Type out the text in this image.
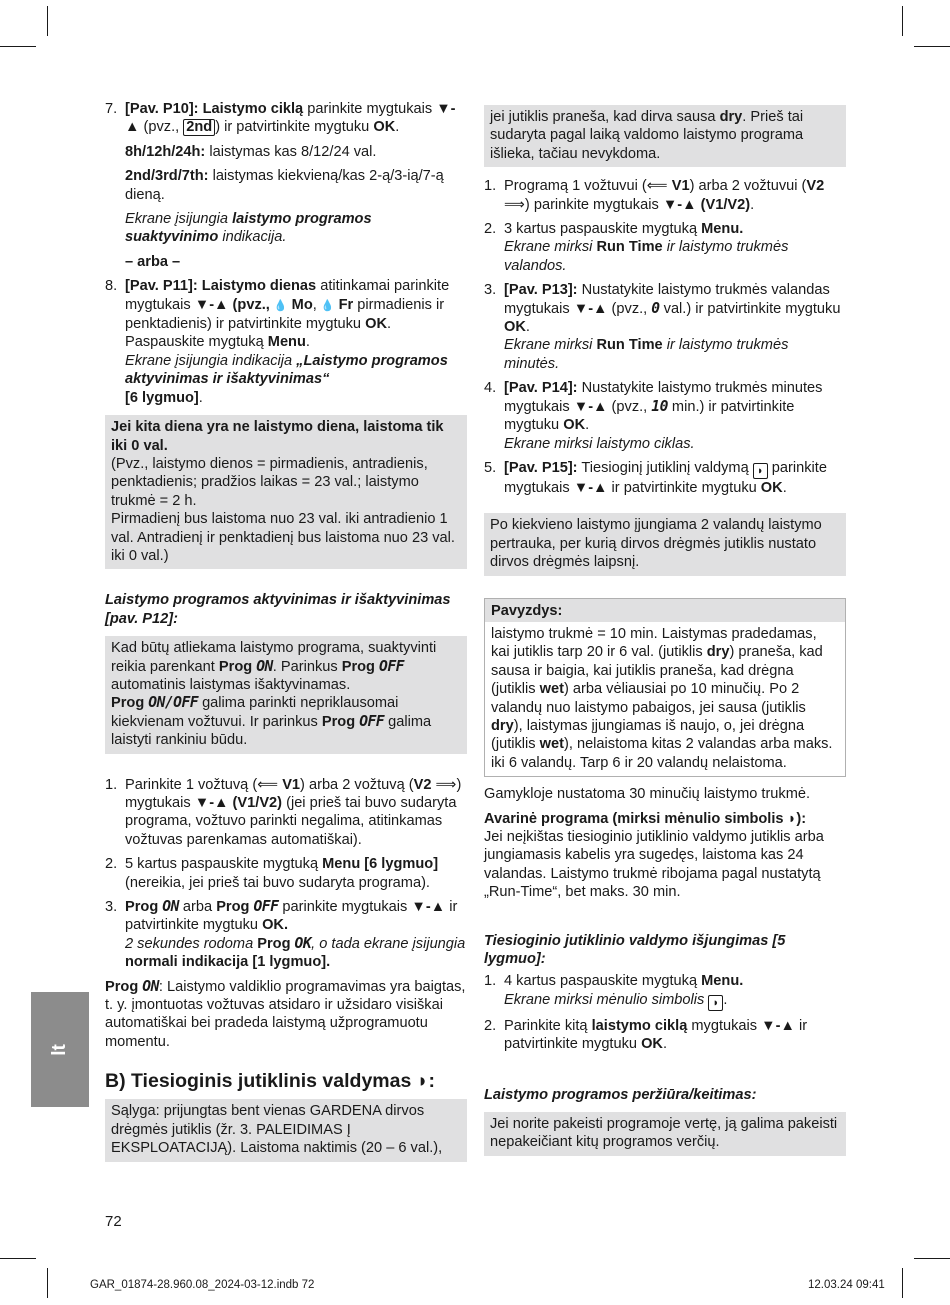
lt
7. [Pav. P10]: Laistymo ciklą parinkite mygtukais ▼-▲ (pvz., 2nd ) ir patvirtinkite mygtuku OK.
8h/12h/24h: laistymas kas 8/12/24 val.
2nd/3rd/7th: laistymas kiekvieną/kas 2-ą/3-ią/7-ą dieną.
Ekrane įsijungia laistymo programos suaktyvinimo indikacija.
– arba –
8. [Pav. P11]: Laistymo dienas atitinkamai parinkite mygtukais ▼-▲ (pvz., 💧 Mo, 💧 Fr pirmadienis ir penktadienis) ir patvirtinkite mygtuku OK. Paspauskite mygtuką Menu.
Ekrane įsijungia indikacija „Laistymo programos aktyvinimas ir išaktyvinimas“
[6 lygmuo].
Jei kita diena yra ne laistymo diena, laistoma tik iki 0 val.
(Pvz., laistymo dienos = pirmadienis, antradienis, penktadienis; pradžios laikas = 23 val.; laistymo trukmė = 2 h.
Pirmadienį bus laistoma nuo 23 val. iki antradienio 1 val. Antradienį ir penktadienį bus laistoma nuo 23 val. iki 0 val.)
Laistymo programos aktyvinimas ir išaktyvinimas [pav. P12]:
Kad būtų atliekama laistymo programa, suaktyvinti reikia parenkant Prog ON. Parinkus Prog OFF automatinis laistymas išaktyvinamas.
Prog ON/OFF galima parinkti nepriklausomai kiekvienam vožtuvui. Ir parinkus Prog OFF galima laistyti rankiniu būdu.
1. Parinkite 1 vožtuvą (⟸ V1) arba 2 vožtuvą (V2 ⟹) mygtukais ▼-▲ (V1/V2) (jei prieš tai buvo sudaryta programa, vožtuvo parinkti negalima, atitinkamas vožtuvas parenkamas automatiškai).
2. 5 kartus paspauskite mygtuką Menu [6 lygmuo] (nereikia, jei prieš tai buvo sudaryta programa).
3. Prog ON arba Prog OFF parinkite mygtukais ▼-▲ ir patvirtinkite mygtuku OK.
2 sekundes rodoma Prog OK, o tada ekrane įsijungia normali indikacija [1 lygmuo].
Prog ON: Laistymo valdiklio programavimas yra baigtas, t. y. įmontuotas vožtuvas atsidaro ir užsidaro visiškai automatiškai bei pradeda laistymą užprogramuotu momentu.
B) Tiesioginis jutiklinis valdymas ◗:
Sąlyga: prijungtas bent vienas GARDENA dirvos drėgmės jutiklis (žr. 3. PALEIDIMAS Į EKSPLOATACIJĄ). Laistoma naktimis (20 – 6 val.),
jei jutiklis praneša, kad dirva sausa dry. Prieš tai sudaryta pagal laiką valdomo laistymo programa išlieka, tačiau nevykdoma.
1. Programą 1 vožtuvui (⟸ V1) arba 2 vožtuvui (V2 ⟹) parinkite mygtukais ▼-▲ (V1/V2).
2. 3 kartus paspauskite mygtuką Menu.
Ekrane mirksi Run Time ir laistymo trukmės valandos.
3. [Pav. P13]: Nustatykite laistymo trukmės valandas mygtukais ▼-▲ (pvz., 0 val.) ir patvirtinkite mygtuku OK.
Ekrane mirksi Run Time ir laistymo trukmės minutės.
4. [Pav. P14]: Nustatykite laistymo trukmės minutes mygtukais ▼-▲ (pvz., 10 min.) ir patvirtinkite mygtuku OK.
Ekrane mirksi laistymo ciklas.
5. [Pav. P15]: Tiesioginį jutiklinį valdymą ◗ parinkite mygtukais ▼-▲ ir patvirtinkite mygtuku OK.
Po kiekvieno laistymo įjungiama 2 valandų laistymo pertrauka, per kurią dirvos drėgmės jutiklis nustato dirvos drėgmės laipsnį.
Pavyzdys:
laistymo trukmė = 10 min. Laistymas pradedamas, kai jutiklis tarp 20 ir 6 val. (jutiklis dry) praneša, kad sausa ir baigia, kai jutiklis praneša, kad drėgna (jutiklis wet) arba vėliausiai po 10 minučių. Po 2 valandų nuo laistymo pabaigos, jei sausa (jutiklis dry), laistymas įjungiamas iš naujo, o, jei drėgna (jutiklis wet), nelaistoma kitas 2 valandas arba maks. iki 6 valandų. Tarp 6 ir 20 valandų nelaistoma.
Gamykloje nustatoma 30 minučių laistymo trukmė.
Avarinė programa (mirksi mėnulio simbolis ◗):
Jei neįkištas tiesioginio jutiklinio valdymo jutiklis arba jungiamasis kabelis yra sugedęs, laistoma kas 24 valandas. Laistymo trukmė ribojama pagal nustatytą „Run-Time“, bet maks. 30 min.
Tiesioginio jutiklinio valdymo išjungimas [5 lygmuo]:
1. 4 kartus paspauskite mygtuką Menu.
Ekrane mirksi mėnulio simbolis ◗ .
2. Parinkite kitą laistymo ciklą mygtukais ▼-▲ ir patvirtinkite mygtuku OK.
Laistymo programos peržiūra/keitimas:
Jei norite pakeisti programoje vertę, ją galima pakeisti nepakeičiant kitų programos verčių.
72
GAR_01874-28.960.08_2024-03-12.indb 72	12.03.24 09:41
